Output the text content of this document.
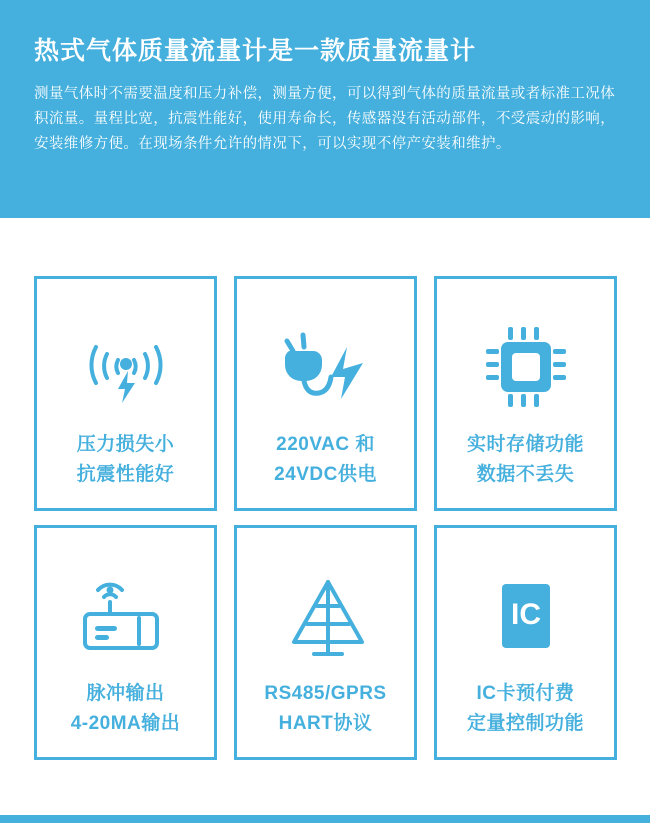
热式气体质量流量计是一款质量流量计

测量气体时不需要温度和压力补偿，测量方便，可以得到气体的质量流量或者标准工况体积流量。量程比宽，抗震性能好，使用寿命长，传感器没有活动部件，不受震动的影响，安装维修方便。在现场条件允许的情况下，可以实现不停产安装和维护。

压力损失小
抗震性能好
220VAC 和
24VDC供电
实时存储功能
数据不丢失
脉冲输出
4-20MA输出
RS485/GPRS
HART协议
IC
IC卡预付费
定量控制功能
